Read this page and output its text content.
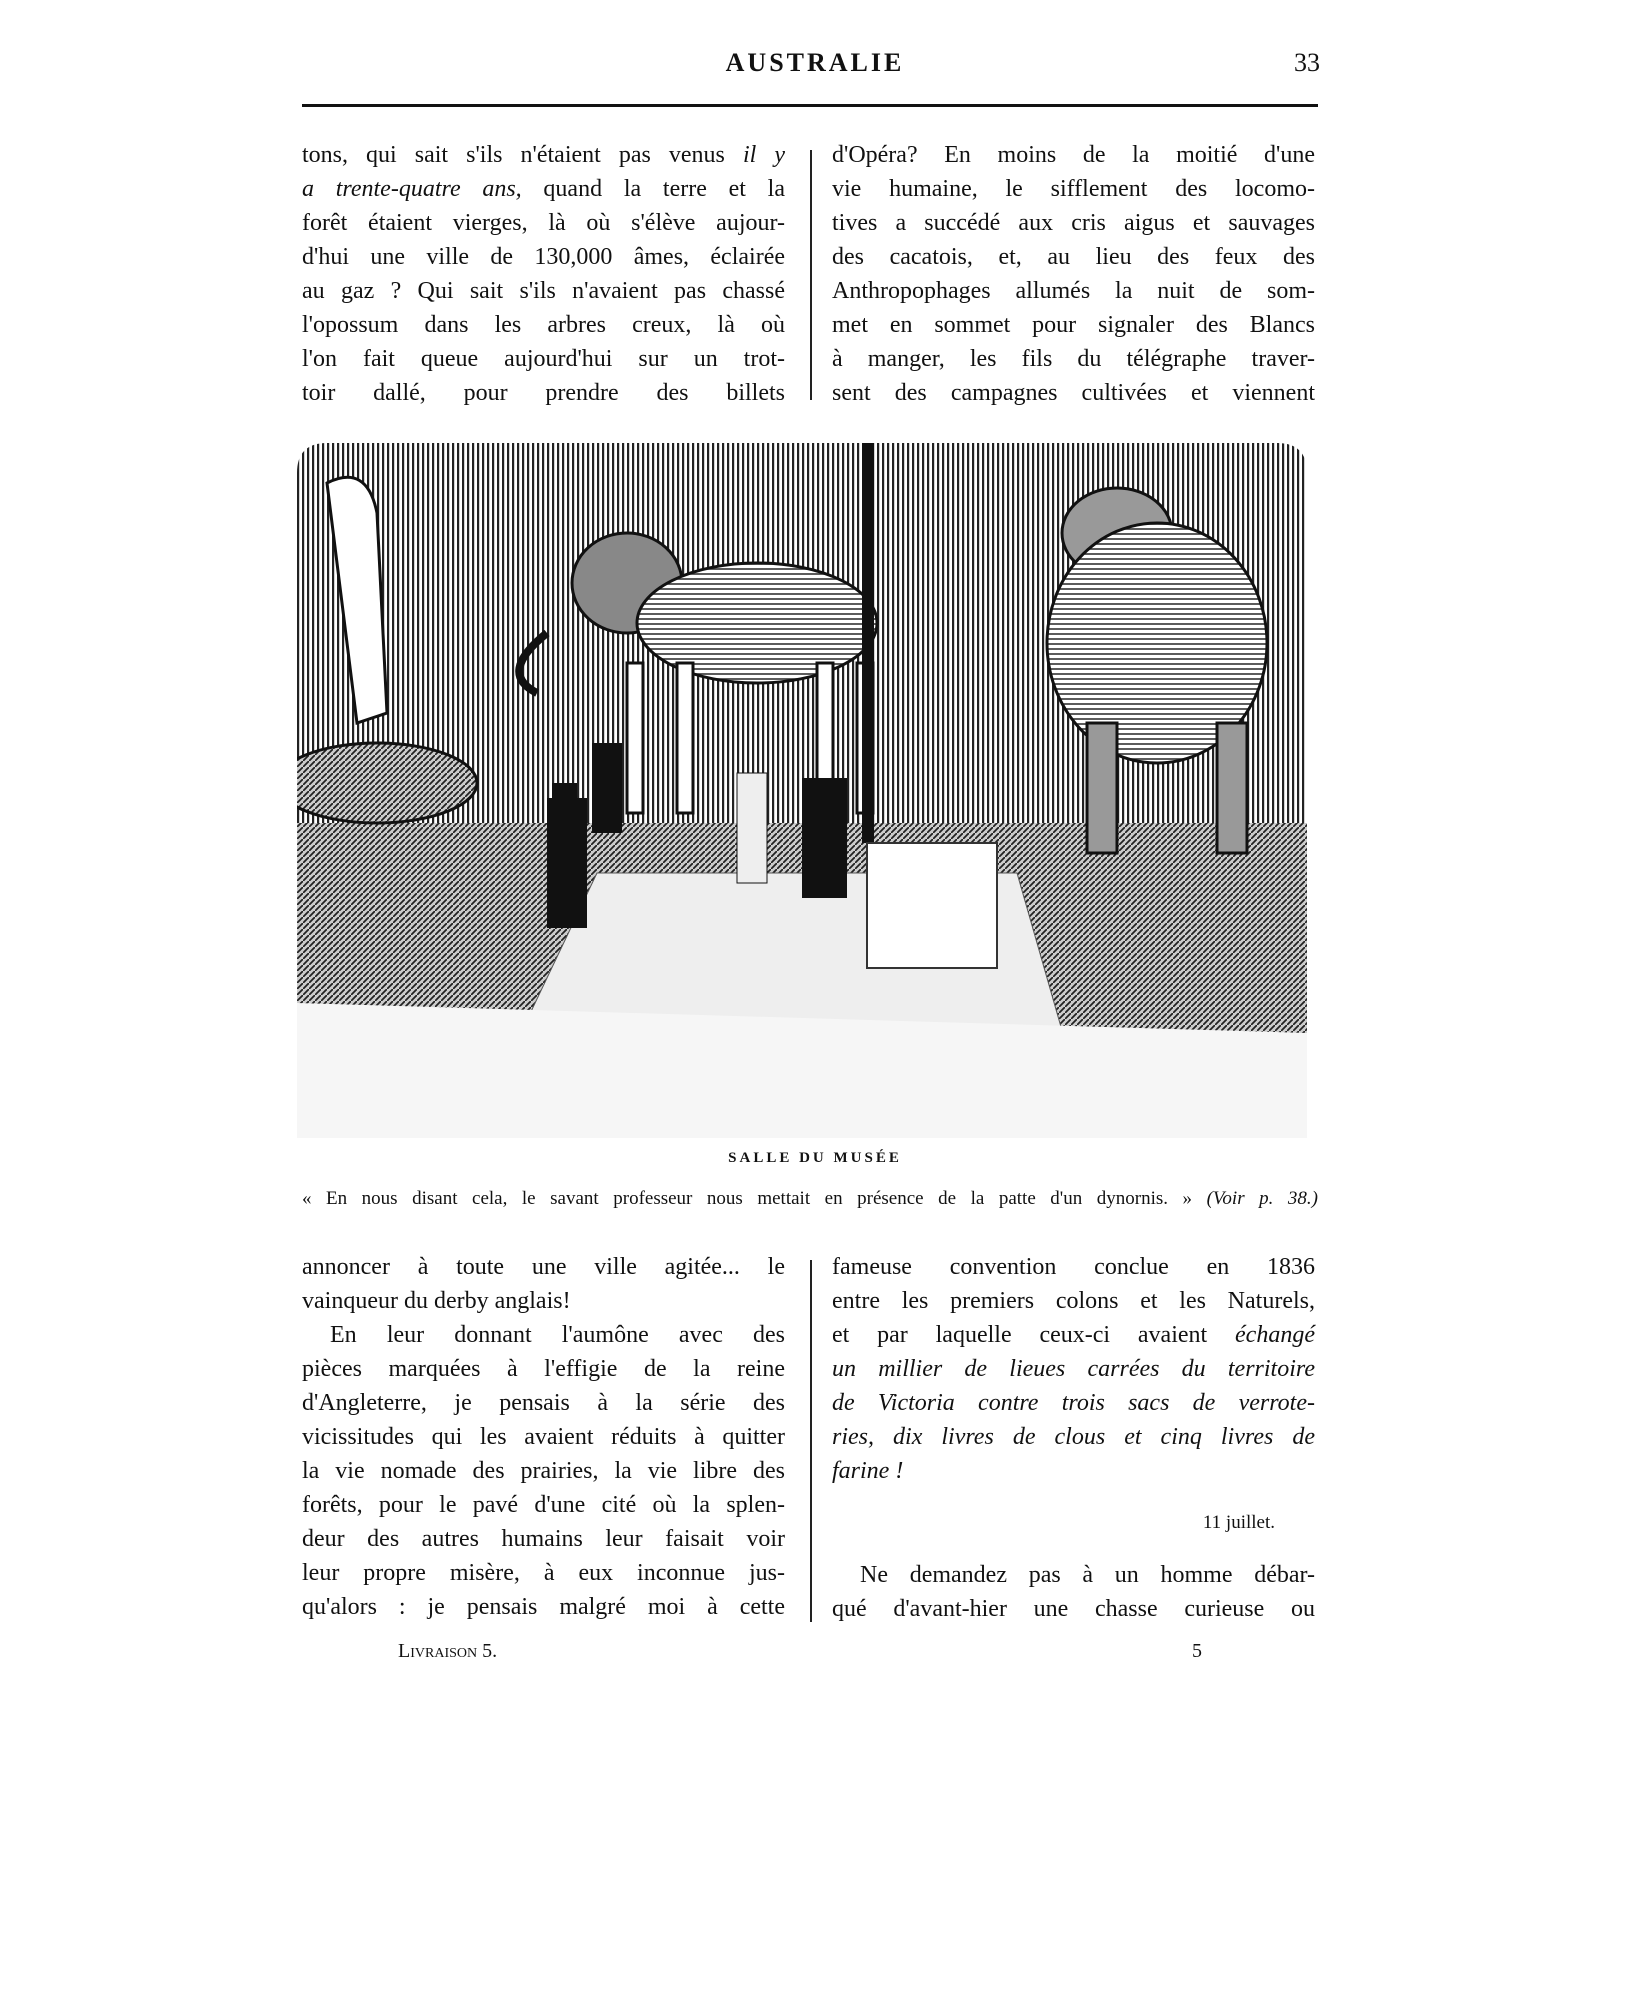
AUSTRALIE	33
tons, qui sait s'ils n'étaient pas venus il y
a trente-quatre ans, quand la terre et la
forêt étaient vierges, là où s'élève aujour-
d'hui une ville de 130,000 âmes, éclairée
au gaz ? Qui sait s'ils n'avaient pas chassé
l'opossum dans les arbres creux, là où
l'on fait queue aujourd'hui sur un trot-
toir dallé, pour prendre des billets
d'Opéra? En moins de la moitié d'une
vie humaine, le sifflement des locomo-
tives a succédé aux cris aigus et sauvages
des cacatois, et, au lieu des feux des
Anthropophages allumés la nuit de som-
met en sommet pour signaler des Blancs
à manger, les fils du télégraphe traver-
sent des campagnes cultivées et viennent
SALLE DU MUSÉE
« En nous disant cela, le savant professeur nous mettait en présence de la patte d'un dynornis. » (Voir p. 38.)
annoncer à toute une ville agitée... le
vainqueur du derby anglais!
En leur donnant l'aumône avec des
pièces marquées à l'effigie de la reine
d'Angleterre, je pensais à la série des
vicissitudes qui les avaient réduits à quitter
la vie nomade des prairies, la vie libre des
forêts, pour le pavé d'une cité où la splen-
deur des autres humains leur faisait voir
leur propre misère, à eux inconnue jus-
qu'alors : je pensais malgré moi à cette
fameuse convention conclue en 1836
entre les premiers colons et les Naturels,
et par laquelle ceux-ci avaient échangé
un millier de lieues carrées du territoire
de Victoria contre trois sacs de verrote-
ries, dix livres de clous et cinq livres de
farine !
11 juillet.
Ne demandez pas à un homme débar-
qué d'avant-hier une chasse curieuse ou
Livraison 5.	5
